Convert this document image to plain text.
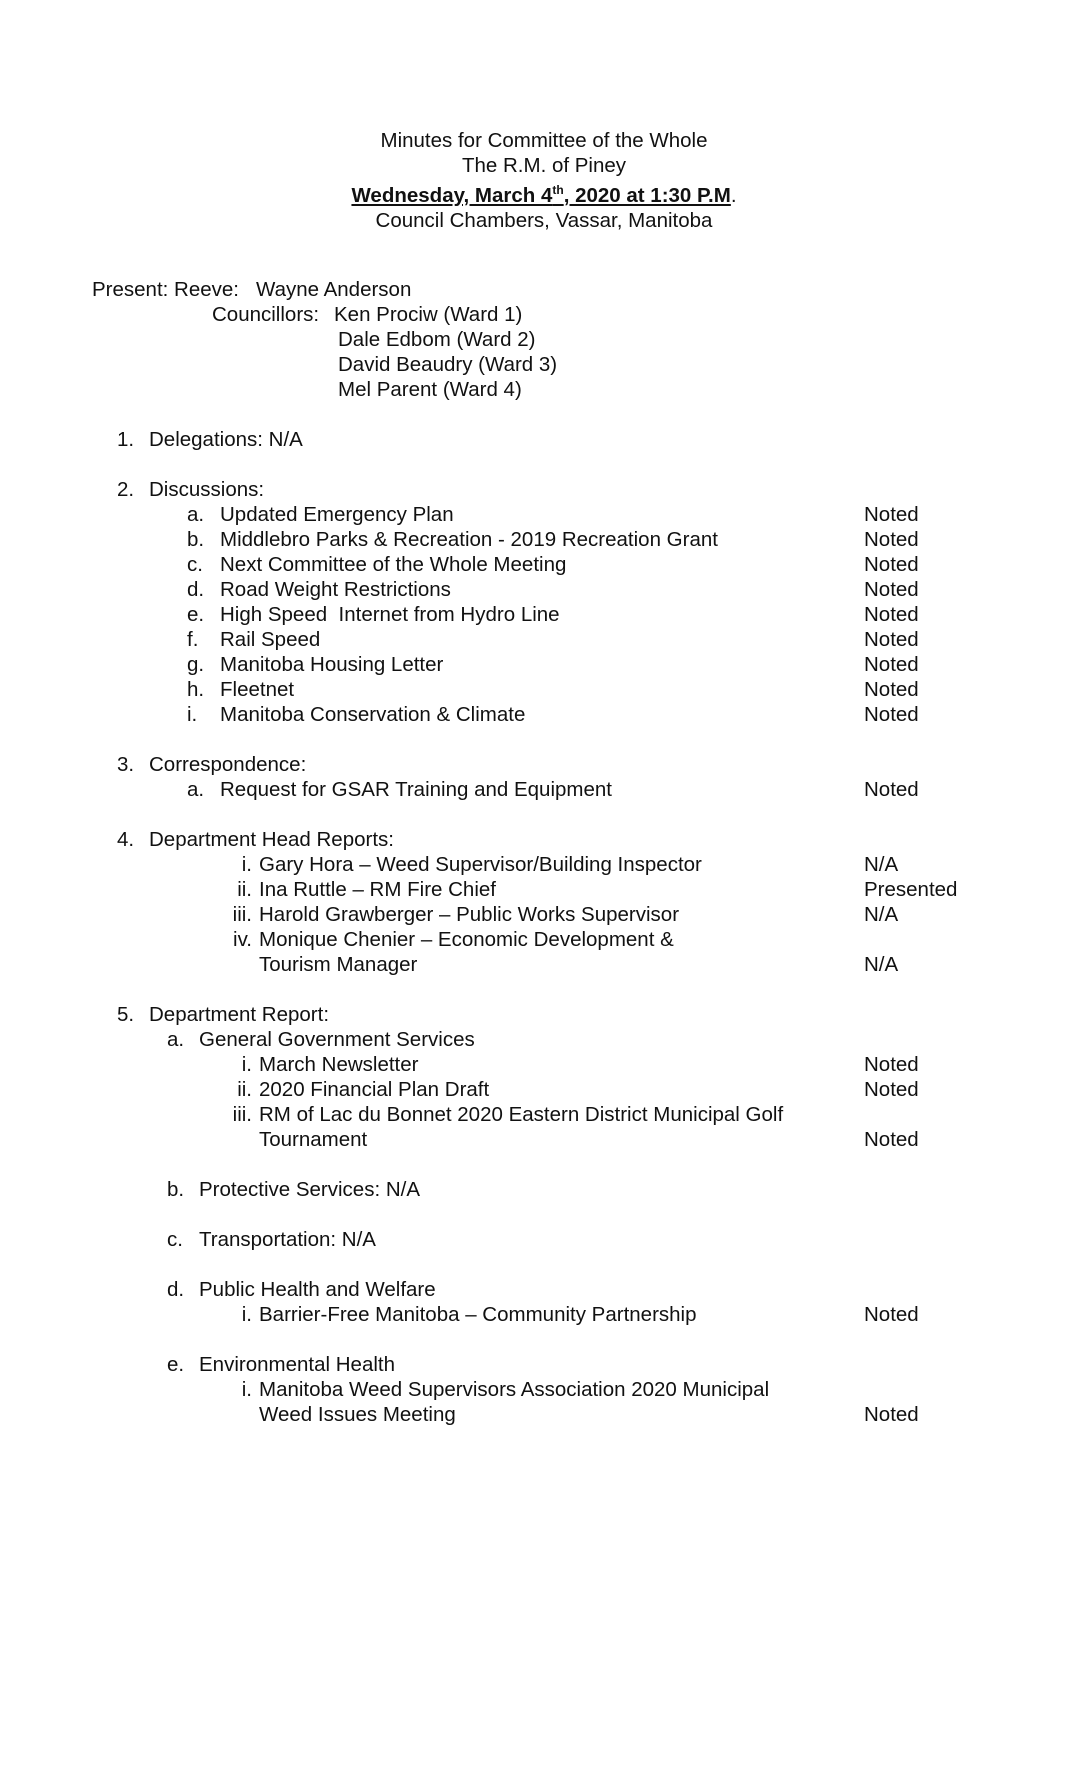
Minutes for Committee of the Whole
The R.M. of Piney
Wednesday, March 4th, 2020 at 1:30 P.M.
Council Chambers, Vassar, Manitoba
Present: Reeve: Wayne Anderson
Councillors: Ken Prociw (Ward 1)
Dale Edbom (Ward 2)
David Beaudry (Ward 3)
Mel Parent (Ward 4)
1. Delegations: N/A
2. Discussions:
a. Updated Emergency Plan	Noted
b. Middlebro Parks & Recreation - 2019 Recreation Grant	Noted
c. Next Committee of the Whole Meeting	Noted
d. Road Weight Restrictions	Noted
e. High Speed  Internet from Hydro Line	Noted
f. Rail Speed	Noted
g. Manitoba Housing Letter	Noted
h. Fleetnet	Noted
i. Manitoba Conservation & Climate	Noted
3. Correspondence:
a. Request for GSAR Training and Equipment	Noted
4. Department Head Reports:
i. Gary Hora – Weed Supervisor/Building Inspector	N/A
ii. Ina Ruttle – RM Fire Chief	Presented
iii. Harold Grawberger – Public Works Supervisor	N/A
iv. Monique Chenier – Economic Development &
Tourism Manager	N/A
5. Department Report:
a. General Government Services
i. March Newsletter	Noted
ii. 2020 Financial Plan Draft	Noted
iii. RM of Lac du Bonnet 2020 Eastern District Municipal Golf
Tournament	Noted
b. Protective Services: N/A
c. Transportation: N/A
d. Public Health and Welfare
i. Barrier-Free Manitoba – Community Partnership	Noted
e. Environmental Health
i. Manitoba Weed Supervisors Association 2020 Municipal
Weed Issues Meeting	Noted
